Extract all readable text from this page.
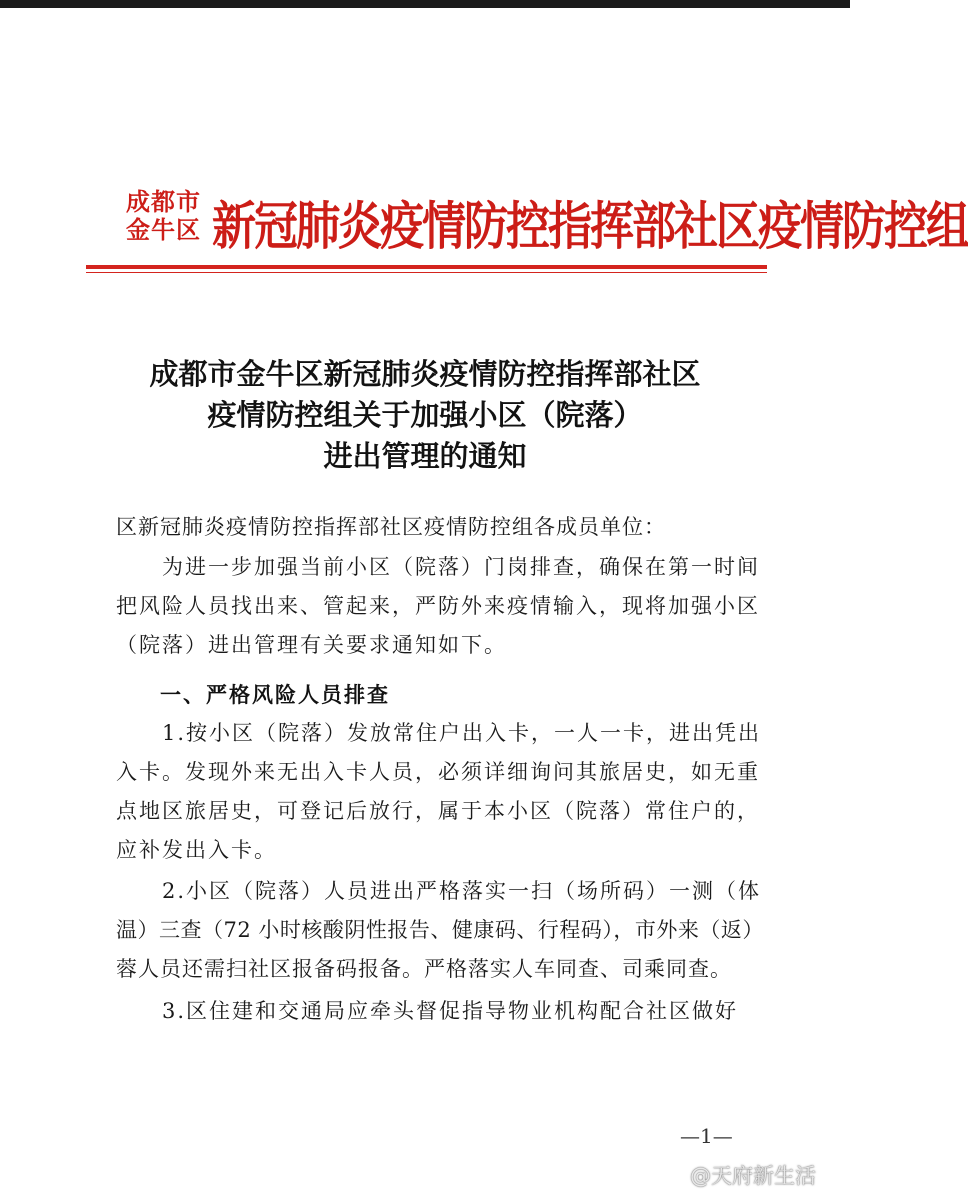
成都市
金牛区 新冠肺炎疫情防控指挥部社区疫情防控组
成都市金牛区新冠肺炎疫情防控指挥部社区
疫情防控组关于加强小区（院落）
进出管理的通知
区新冠肺炎疫情防控指挥部社区疫情防控组各成员单位：
　　为进一步加强当前小区（院落）门岗排查，确保在第一时间
把风险人员找出来、管起来，严防外来疫情输入，现将加强小区
（院落）进出管理有关要求通知如下。
一、严格风险人员排查
　　1.按小区（院落）发放常住户出入卡，一人一卡，进出凭出
入卡。发现外来无出入卡人员，必须详细询问其旅居史，如无重
点地区旅居史，可登记后放行，属于本小区（院落）常住户的，
应补发出入卡。
　　2.小区（院落）人员进出严格落实一扫（场所码）一测（体
温）三查（72 小时核酸阴性报告、健康码、行程码），市外来（返）
蓉人员还需扫社区报备码报备。严格落实人车同查、司乘同查。
　　3.区住建和交通局应牵头督促指导物业机构配合社区做好
—1—
@天府新生活
